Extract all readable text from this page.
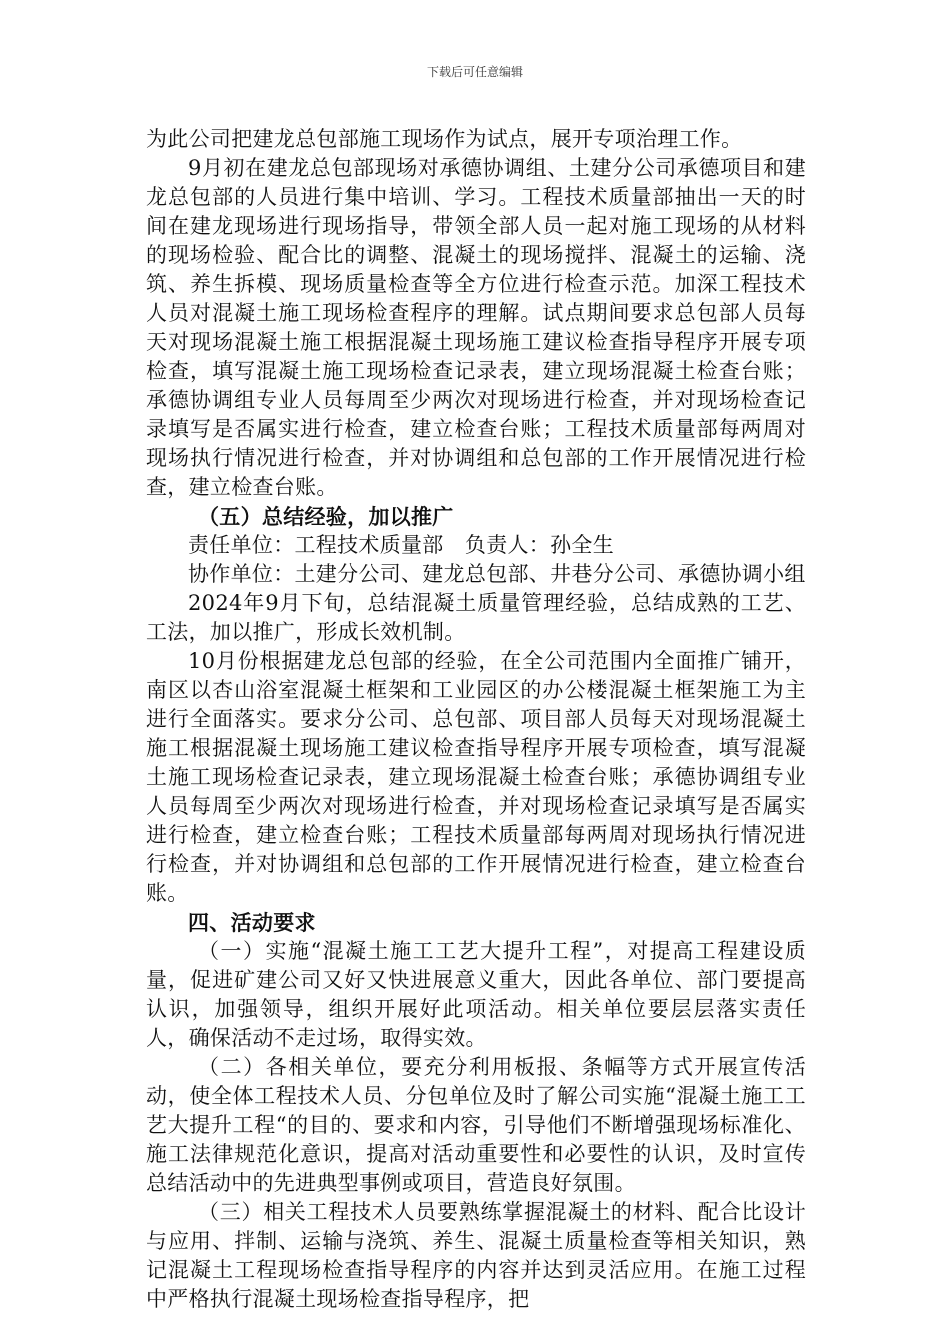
下载后可任意编辑

为此公司把建龙总包部施工现场作为试点，展开专项治理工作。

9月初在建龙总包部现场对承德协调组、土建分公司承德项目和建龙总包部的人员进行集中培训、学习。工程技术质量部抽出一天的时间在建龙现场进行现场指导，带领全部人员一起对施工现场的从材料的现场检验、配合比的调整、混凝土的现场搅拌、混凝土的运输、浇筑、养生拆模、现场质量检查等全方位进行检查示范。加深工程技术人员对混凝土施工现场检查程序的理解。试点期间要求总包部人员每天对现场混凝土施工根据混凝土现场施工建议检查指导程序开展专项检查，填写混凝土施工现场检查记录表，建立现场混凝土检查台账；承德协调组专业人员每周至少两次对现场进行检查，并对现场检查记录填写是否属实进行检查，建立检查台账；工程技术质量部每两周对现场执行情况进行检查，并对协调组和总包部的工作开展情况进行检查，建立检查台账。

（五）总结经验，加以推广

责任单位：工程技术质量部　负责人：孙全生

协作单位：土建分公司、建龙总包部、井巷分公司、承德协调小组

2024年9月下旬，总结混凝土质量管理经验，总结成熟的工艺、工法，加以推广，形成长效机制。

10月份根据建龙总包部的经验，在全公司范围内全面推广铺开，南区以杏山浴室混凝土框架和工业园区的办公楼混凝土框架施工为主进行全面落实。要求分公司、总包部、项目部人员每天对现场混凝土施工根据混凝土现场施工建议检查指导程序开展专项检查，填写混凝土施工现场检查记录表，建立现场混凝土检查台账；承德协调组专业人员每周至少两次对现场进行检查，并对现场检查记录填写是否属实进行检查，建立检查台账；工程技术质量部每两周对现场执行情况进行检查，并对协调组和总包部的工作开展情况进行检查，建立检查台账。

四、活动要求

（一）实施“混凝土施工工艺大提升工程”，对提高工程建设质量，促进矿建公司又好又快进展意义重大，因此各单位、部门要提高认识，加强领导，组织开展好此项活动。相关单位要层层落实责任人，确保活动不走过场，取得实效。

（二）各相关单位，要充分利用板报、条幅等方式开展宣传活动，使全体工程技术人员、分包单位及时了解公司实施“混凝土施工工艺大提升工程“的目的、要求和内容，引导他们不断增强现场标准化、施工法律规范化意识，提高对活动重要性和必要性的认识，及时宣传总结活动中的先进典型事例或项目，营造良好氛围。

（三）相关工程技术人员要熟练掌握混凝土的材料、配合比设计与应用、拌制、运输与浇筑、养生、混凝土质量检查等相关知识，熟记混凝土工程现场检查指导程序的内容并达到灵活应用。在施工过程中严格执行混凝土现场检查指导程序，把
